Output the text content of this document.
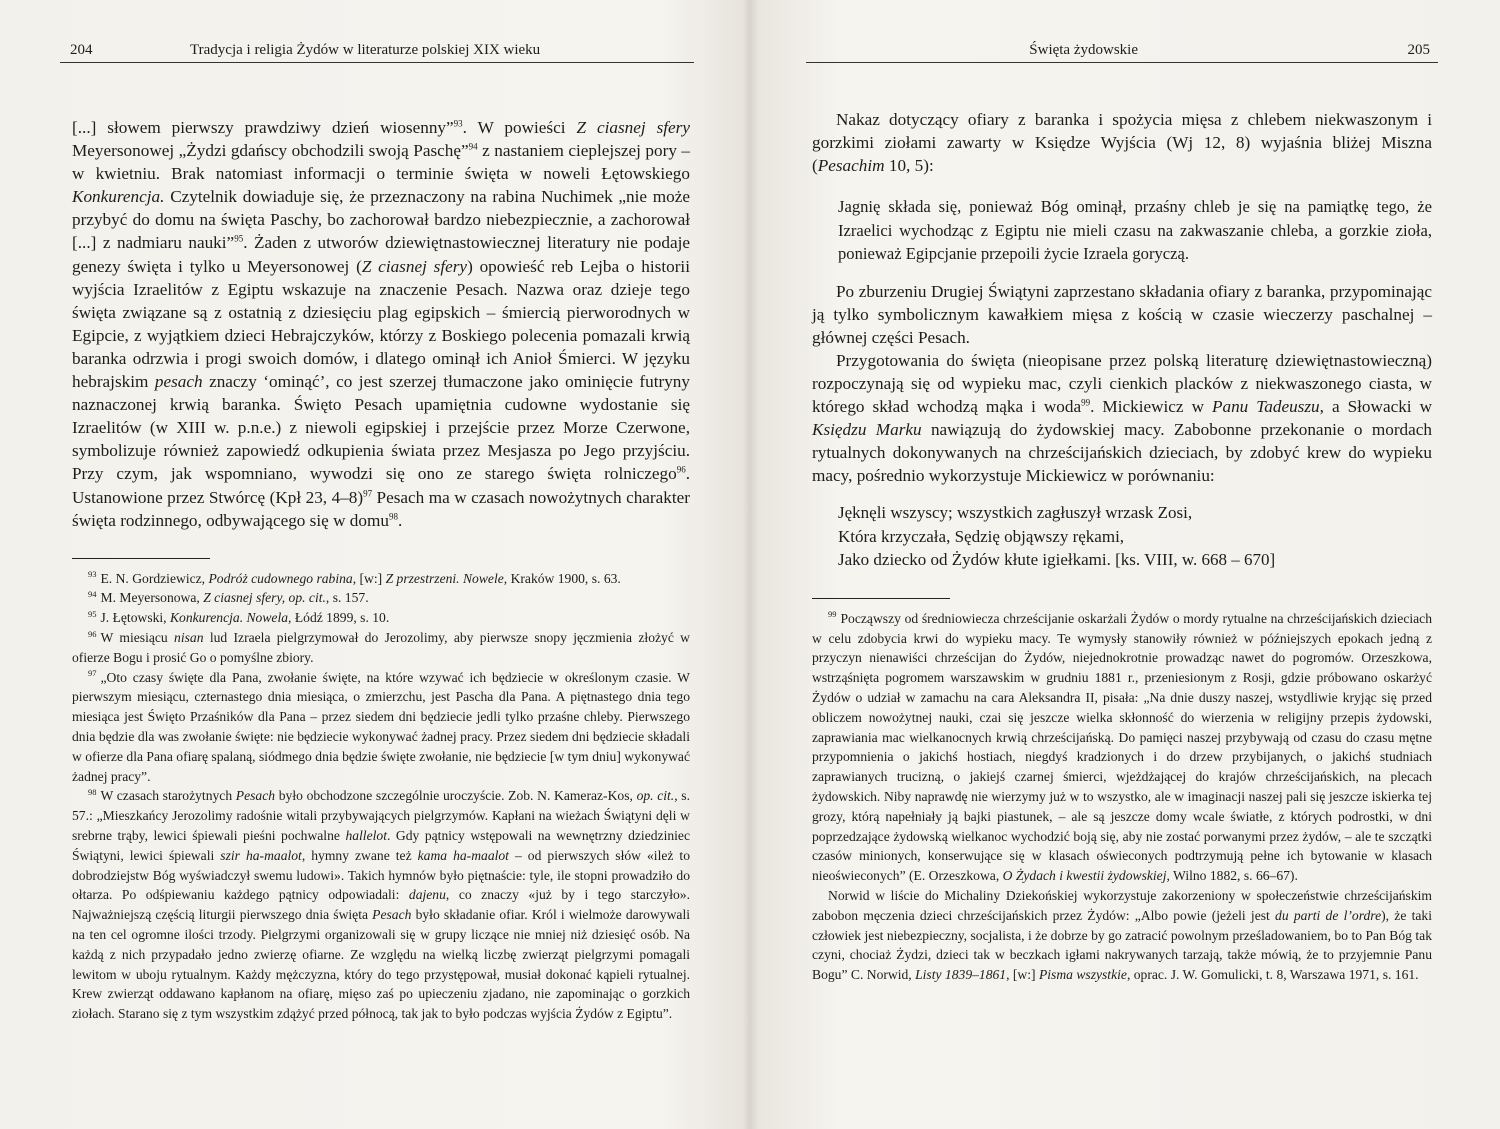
204	Tradycja i religia Żydów w literaturze polskiej XIX wieku

[...] słowem pierwszy prawdziwy dzień wiosenny”$^{93}$. W powieści Z ciasnej sfery Meyersonowej „Żydzi gdańscy obchodzili swoją Paschę”$^{94}$ z nastaniem cieplejszej pory – w kwietniu. Brak natomiast informacji o terminie święta w noweli Łętowskiego Konkurencja. Czytelnik dowiaduje się, że przeznaczony na rabina Nuchimek „nie może przybyć do domu na święta Paschy, bo zachorował bardzo niebezpiecznie, a zachorował [...] z nadmiaru nauki”$^{95}$. Żaden z utworów dziewiętnastowiecznej literatury nie podaje genezy święta i tylko u Meyersonowej (Z ciasnej sfery) opowieść reb Lejba o historii wyjścia Izraelitów z Egiptu wskazuje na znaczenie Pesach. Nazwa oraz dzieje tego święta związane są z ostatnią z dziesięciu plag egipskich – śmiercią pierworodnych w Egipcie, z wyjątkiem dzieci Hebrajczyków, którzy z Boskiego polecenia pomazali krwią baranka odrzwia i progi swoich domów, i dlatego ominął ich Anioł Śmierci. W języku hebrajskim pesach znaczy ‘ominąć’, co jest szerzej tłumaczone jako ominięcie futryny naznaczonej krwią baranka. Święto Pesach upamiętnia cudowne wydostanie się Izraelitów (w XIII w. p.n.e.) z niewoli egipskiej i przejście przez Morze Czerwone, symbolizuje również zapowiedź odkupienia świata przez Mesjasza po Jego przyjściu. Przy czym, jak wspomniano, wywodzi się ono ze starego święta rolniczego$^{96}$. Ustanowione przez Stwórcę (Kpł 23, 4–8)$^{97}$ Pesach ma w czasach nowożytnych charakter święta rodzinnego, odbywającego się w domu$^{98}$.

$^{93}$ E. N. Gordziewicz, Podróż cudownego rabina, [w:] Z przestrzeni. Nowele, Kraków 1900, s. 63.

$^{94}$ M. Meyersonowa, Z ciasnej sfery, op. cit., s. 157.

$^{95}$ J. Łętowski, Konkurencja. Nowela, Łódź 1899, s. 10.

$^{96}$ W miesiącu nisan lud Izraela pielgrzymował do Jerozolimy, aby pierwsze snopy jęczmienia złożyć w ofierze Bogu i prosić Go o pomyślne zbiory.

$^{97}$ „Oto czasy święte dla Pana, zwołanie święte, na które wzywać ich będziecie w określonym czasie. W pierwszym miesiącu, czternastego dnia miesiąca, o zmierzchu, jest Pascha dla Pana. A piętnastego dnia tego miesiąca jest Święto Przaśników dla Pana – przez siedem dni będziecie jedli tylko przaśne chleby. Pierwszego dnia będzie dla was zwołanie święte: nie będziecie wykonywać żadnej pracy. Przez siedem dni będziecie składali w ofierze dla Pana ofiarę spalaną, siódmego dnia będzie święte zwołanie, nie będziecie [w tym dniu] wykonywać żadnej pracy”.

$^{98}$ W czasach starożytnych Pesach było obchodzone szczególnie uroczyście. Zob. N. Kameraz-Kos, op. cit., s. 57.: „Mieszkańcy Jerozolimy radośnie witali przybywających pielgrzymów. Kapłani na wieżach Świątyni dęli w srebrne trąby, lewici śpiewali pieśni pochwalne hallelot. Gdy pątnicy wstępowali na wewnętrzny dziedziniec Świątyni, lewici śpiewali szir ha-maalot, hymny zwane też kama ha-maalot – od pierwszych słów «ileż to dobrodziejstw Bóg wyświadczył swemu ludowi». Takich hymnów było piętnaście: tyle, ile stopni prowadziło do ołtarza. Po odśpiewaniu każdego pątnicy odpowiadali: dajenu, co znaczy «już by i tego starczyło». Najważniejszą częścią liturgii pierwszego dnia święta Pesach było składanie ofiar. Król i wielmoże darowywali na ten cel ogromne ilości trzody. Pielgrzymi organizowali się w grupy liczące nie mniej niż dziesięć osób. Na każdą z nich przypadało jedno zwierzę ofiarne. Ze względu na wielką liczbę zwierząt pielgrzymi pomagali lewitom w uboju rytualnym. Każdy mężczyzna, który do tego przystępował, musiał dokonać kąpieli rytualnej. Krew zwierząt oddawano kapłanom na ofiarę, mięso zaś po upieczeniu zjadano, nie zapominając o gorzkich ziołach. Starano się z tym wszystkim zdążyć przed północą, tak jak to było podczas wyjścia Żydów z Egiptu”.

Święta żydowskie	205

Nakaz dotyczący ofiary z baranka i spożycia mięsa z chlebem niekwaszonym i gorzkimi ziołami zawarty w Księdze Wyjścia (Wj 12, 8) wyjaśnia bliżej Miszna (Pesachim 10, 5):

Jagnię składa się, ponieważ Bóg ominął, przaśny chleb je się na pamiątkę tego, że Izraelici wychodząc z Egiptu nie mieli czasu na zakwaszanie chleba, a gorzkie zioła, ponieważ Egipcjanie przepoili życie Izraela goryczą.

Po zburzeniu Drugiej Świątyni zaprzestano składania ofiary z baranka, przypominając ją tylko symbolicznym kawałkiem mięsa z kością w czasie wieczerzy paschalnej – głównej części Pesach.

Przygotowania do święta (nieopisane przez polską literaturę dziewiętnastowieczną) rozpoczynają się od wypieku mac, czyli cienkich placków z niekwaszonego ciasta, w którego skład wchodzą mąka i woda$^{99}$. Mickiewicz w Panu Tadeuszu, a Słowacki w Księdzu Marku nawiązują do żydowskiej macy. Zabobonne przekonanie o mordach rytualnych dokonywanych na chrześcijańskich dzieciach, by zdobyć krew do wypieku macy, pośrednio wykorzystuje Mickiewicz w porównaniu:

Jęknęli wszyscy; wszystkich zagłuszył wrzask Zosi,
Która krzyczała, Sędzię objąwszy rękami,
Jako dziecko od Żydów kłute igiełkami. [ks. VIII, w. 668 – 670]

$^{99}$ Począwszy od średniowiecza chrześcijanie oskarżali Żydów o mordy rytualne na chrześcijańskich dzieciach w celu zdobycia krwi do wypieku macy. Te wymysły stanowiły również w późniejszych epokach jedną z przyczyn nienawiści chrześcijan do Żydów, niejednokrotnie prowadząc nawet do pogromów. Orzeszkowa, wstrząśnięta pogromem warszawskim w grudniu 1881 r., przeniesionym z Rosji, gdzie próbowano oskarżyć Żydów o udział w zamachu na cara Aleksandra II, pisała: „Na dnie duszy naszej, wstydliwie kryjąc się przed obliczem nowożytnej nauki, czai się jeszcze wielka skłonność do wierzenia w religijny przepis żydowski, zaprawiania mac wielkanocnych krwią chrześcijańską. Do pamięci naszej przybywają od czasu do czasu mętne przypomnienia o jakichś hostiach, niegdyś kradzionych i do drzew przybijanych, o jakichś studniach zaprawianych trucizną, o jakiejś czarnej śmierci, wjeżdżającej do krajów chrześcijańskich, na plecach żydowskich. Niby naprawdę nie wierzymy już w to wszystko, ale w imaginacji naszej pali się jeszcze iskierka tej grozy, którą napełniały ją bajki piastunek, – ale są jeszcze domy wcale światłe, z których podrostki, w dni poprzedzające żydowską wielkanoc wychodzić boją się, aby nie zostać porwanymi przez żydów, – ale te szczątki czasów minionych, konserwujące się w klasach oświeconych podtrzymują pełne ich bytowanie w klasach nieoświeconych” (E. Orzeszkowa, O Żydach i kwestii żydowskiej, Wilno 1882, s. 66–67).

Norwid w liście do Michaliny Dziekońskiej wykorzystuje zakorzeniony w społeczeństwie chrześcijańskim zabobon męczenia dzieci chrześcijańskich przez Żydów: „Albo powie (jeżeli jest du parti de l’ordre), że taki człowiek jest niebezpieczny, socjalista, i że dobrze by go zatracić powolnym prześladowaniem, bo to Pan Bóg tak czyni, chociaż Żydzi, dzieci tak w beczkach igłami nakrywanych tarzają, także mówią, że to przyjemnie Panu Bogu” C. Norwid, Listy 1839–1861, [w:] Pisma wszystkie, oprac. J. W. Gomulicki, t. 8, Warszawa 1971, s. 161.
